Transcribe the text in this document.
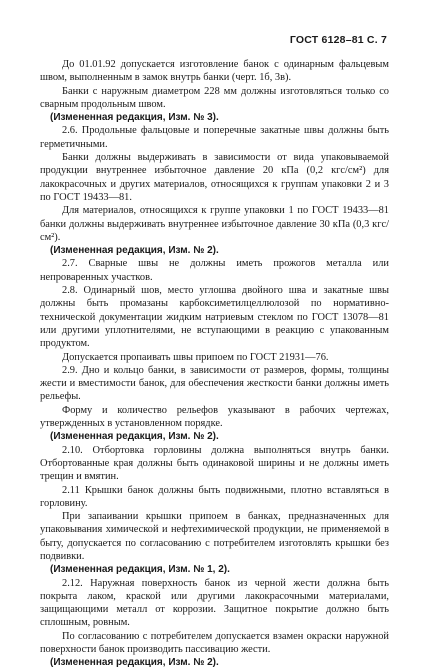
ГОСТ 6128–81 С. 7

До 01.01.92 допускается изготовление банок с одинарным фальцевым швом, выполненным в замок внутрь банки (черт. 1б, 3в).

Банки с наружным диаметром 228 мм должны изготовляться только со сварным продольным швом.

(Измененная редакция, Изм. № 3).

2.6. Продольные фальцовые и поперечные закатные швы должны быть герметичными.

Банки должны выдерживать в зависимости от вида упаковываемой продукции внутреннее избыточное давление 20 кПа (0,2 кгс/см²) для лакокрасочных и других материалов, относящихся к группам упаковки 2 и 3 по ГОСТ 19433—81.

Для материалов, относящихся к группе упаковки 1 по ГОСТ 19433—81 банки должны выдерживать внутреннее избыточное давление 30 кПа (0,3 кгс/см²).

(Измененная редакция, Изм. № 2).

2.7. Сварные швы не должны иметь прожогов металла или непроваренных участков.

2.8. Одинарный шов, место углошва двойного шва и закатные швы должны быть промазаны карбоксиметилцеллюлозой по нормативно-технической документации жидким натриевым стеклом по ГОСТ 13078—81 или другими уплотнителями, не вступающими в реакцию с упакованным продуктом.

Допускается пропаивать швы припоем по ГОСТ 21931—76.

2.9. Дно и кольцо банки, в зависимости от размеров, формы, толщины жести и вместимости банок, для обеспечения жесткости банки должны иметь рельефы.

Форму и количество рельефов указывают в рабочих чертежах, утвержденных в установленном порядке.

(Измененная редакция, Изм. № 2).

2.10. Отбортовка горловины должна выполняться внутрь банки. Отбортованные края должны быть одинаковой ширины и не должны иметь трещин и вмятин.

2.11 Крышки банок должны быть подвижными, плотно вставляться в горловину.

При запаивании крышки припоем в банках, предназначенных для упаковывания химической и нефтехимической продукции, не применяемой в быту, допускается по согласованию с потребителем изготовлять крышки без подвивки.

(Измененная редакция, Изм. № 1, 2).

2.12. Наружная поверхность банок из черной жести должна быть покрыта лаком, краской или другими лакокрасочными материалами, защищающими металл от коррозии. Защитное покрытие должно быть сплошным, ровным.

По согласованию с потребителем допускается взамен окраски наружной поверхности банок производить пассивацию жести.

(Измененная редакция, Изм. № 2).
